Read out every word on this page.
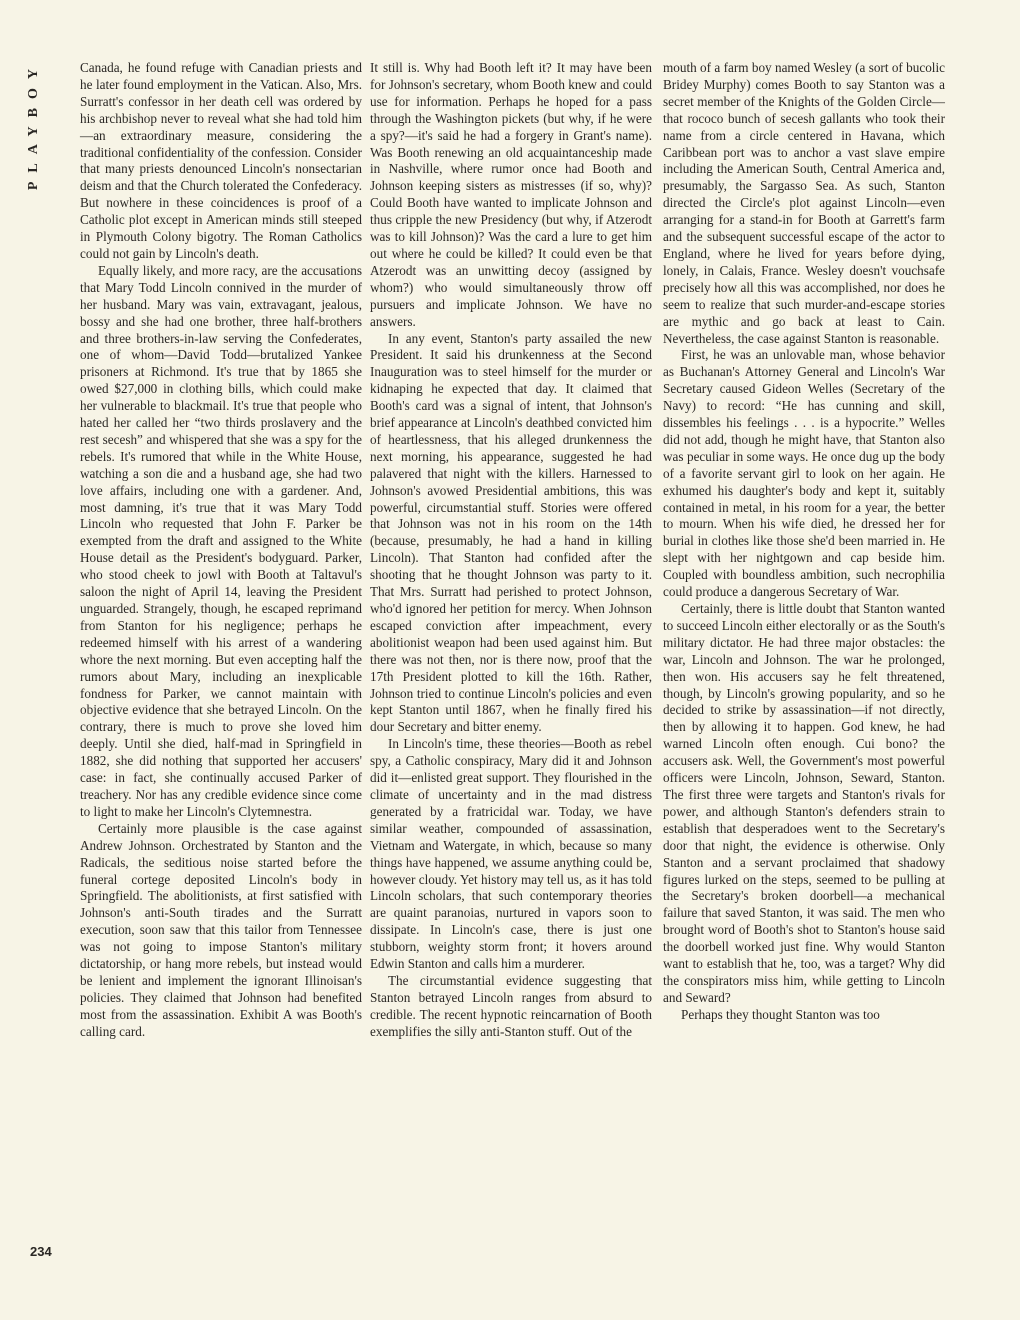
PLAYBOY
234

Canada, he found refuge with Canadian priests and he later found employment in the Vatican. Also, Mrs. Surratt's confessor in her death cell was ordered by his archbishop never to reveal what she had told him—an extraordinary measure, considering the traditional confidentiality of the confession. Consider that many priests denounced Lincoln's nonsectarian deism and that the Church tolerated the Confederacy. But nowhere in these coincidences is proof of a Catholic plot except in American minds still steeped in Plymouth Colony bigotry. The Roman Catholics could not gain by Lincoln's death.

Equally likely, and more racy, are the accusations that Mary Todd Lincoln connived in the murder of her husband. Mary was vain, extravagant, jealous, bossy and she had one brother, three half-brothers and three brothers-in-law serving the Confederates, one of whom—David Todd—brutalized Yankee prisoners at Richmond. It's true that by 1865 she owed $27,000 in clothing bills, which could make her vulnerable to blackmail. It's true that people who hated her called her “two thirds proslavery and the rest secesh” and whispered that she was a spy for the rebels. It's rumored that while in the White House, watching a son die and a husband age, she had two love affairs, including one with a gardener. And, most damning, it's true that it was Mary Todd Lincoln who requested that John F. Parker be exempted from the draft and assigned to the White House detail as the President's bodyguard. Parker, who stood cheek to jowl with Booth at Taltavul's saloon the night of April 14, leaving the President unguarded. Strangely, though, he escaped reprimand from Stanton for his negligence; perhaps he redeemed himself with his arrest of a wandering whore the next morning. But even accepting half the rumors about Mary, including an inexplicable fondness for Parker, we cannot maintain with objective evidence that she betrayed Lincoln. On the contrary, there is much to prove she loved him deeply. Until she died, half-mad in Springfield in 1882, she did nothing that supported her accusers' case: in fact, she continually accused Parker of treachery. Nor has any credible evidence since come to light to make her Lincoln's Clytemnestra.

Certainly more plausible is the case against Andrew Johnson. Orchestrated by Stanton and the Radicals, the seditious noise started before the funeral cortege deposited Lincoln's body in Springfield. The abolitionists, at first satisfied with Johnson's anti-South tirades and the Surratt execution, soon saw that this tailor from Tennessee was not going to impose Stanton's military dictatorship, or hang more rebels, but instead would be lenient and implement the ignorant Illinoisan's policies. They claimed that Johnson had benefited most from the assassination. Exhibit A was Booth's calling card.

It still is. Why had Booth left it? It may have been for Johnson's secretary, whom Booth knew and could use for information. Perhaps he hoped for a pass through the Washington pickets (but why, if he were a spy?—it's said he had a forgery in Grant's name). Was Booth renewing an old acquaintanceship made in Nashville, where rumor once had Booth and Johnson keeping sisters as mistresses (if so, why)? Could Booth have wanted to implicate Johnson and thus cripple the new Presidency (but why, if Atzerodt was to kill Johnson)? Was the card a lure to get him out where he could be killed? It could even be that Atzerodt was an unwitting decoy (assigned by whom?) who would simultaneously throw off pursuers and implicate Johnson. We have no answers.

In any event, Stanton's party assailed the new President. It said his drunkenness at the Second Inauguration was to steel himself for the murder or kidnaping he expected that day. It claimed that Booth's card was a signal of intent, that Johnson's brief appearance at Lincoln's deathbed convicted him of heartlessness, that his alleged drunkenness the next morning, his appearance, suggested he had palavered that night with the killers. Harnessed to Johnson's avowed Presidential ambitions, this was powerful, circumstantial stuff. Stories were offered that Johnson was not in his room on the 14th (because, presumably, he had a hand in killing Lincoln). That Stanton had confided after the shooting that he thought Johnson was party to it. That Mrs. Surratt had perished to protect Johnson, who'd ignored her petition for mercy. When Johnson escaped conviction after impeachment, every abolitionist weapon had been used against him. But there was not then, nor is there now, proof that the 17th President plotted to kill the 16th. Rather, Johnson tried to continue Lincoln's policies and even kept Stanton until 1867, when he finally fired his dour Secretary and bitter enemy.

In Lincoln's time, these theories—Booth as rebel spy, a Catholic conspiracy, Mary did it and Johnson did it—enlisted great support. They flourished in the climate of uncertainty and in the mad distress generated by a fratricidal war. Today, we have similar weather, compounded of assassination, Vietnam and Watergate, in which, because so many things have happened, we assume anything could be, however cloudy. Yet history may tell us, as it has told Lincoln scholars, that such contemporary theories are quaint paranoias, nurtured in vapors soon to dissipate. In Lincoln's case, there is just one stubborn, weighty storm front; it hovers around Edwin Stanton and calls him a murderer.

The circumstantial evidence suggesting that Stanton betrayed Lincoln ranges from absurd to credible. The recent hypnotic reincarnation of Booth exemplifies the silly anti-Stanton stuff. Out of the

mouth of a farm boy named Wesley (a sort of bucolic Bridey Murphy) comes Booth to say Stanton was a secret member of the Knights of the Golden Circle—that rococo bunch of secesh gallants who took their name from a circle centered in Havana, which Caribbean port was to anchor a vast slave empire including the American South, Central America and, presumably, the Sargasso Sea. As such, Stanton directed the Circle's plot against Lincoln—even arranging for a stand-in for Booth at Garrett's farm and the subsequent successful escape of the actor to England, where he lived for years before dying, lonely, in Calais, France. Wesley doesn't vouchsafe precisely how all this was accomplished, nor does he seem to realize that such murder-and-escape stories are mythic and go back at least to Cain. Nevertheless, the case against Stanton is reasonable.

First, he was an unlovable man, whose behavior as Buchanan's Attorney General and Lincoln's War Secretary caused Gideon Welles (Secretary of the Navy) to record: “He has cunning and skill, dissembles his feelings . . . is a hypocrite.” Welles did not add, though he might have, that Stanton also was peculiar in some ways. He once dug up the body of a favorite servant girl to look on her again. He exhumed his daughter's body and kept it, suitably contained in metal, in his room for a year, the better to mourn. When his wife died, he dressed her for burial in clothes like those she'd been married in. He slept with her nightgown and cap beside him. Coupled with boundless ambition, such necrophilia could produce a dangerous Secretary of War.

Certainly, there is little doubt that Stanton wanted to succeed Lincoln either electorally or as the South's military dictator. He had three major obstacles: the war, Lincoln and Johnson. The war he prolonged, then won. His accusers say he felt threatened, though, by Lincoln's growing popularity, and so he decided to strike by assassination—if not directly, then by allowing it to happen. God knew, he had warned Lincoln often enough. Cui bono? the accusers ask. Well, the Government's most powerful officers were Lincoln, Johnson, Seward, Stanton. The first three were targets and Stanton's rivals for power, and although Stanton's defenders strain to establish that desperadoes went to the Secretary's door that night, the evidence is otherwise. Only Stanton and a servant proclaimed that shadowy figures lurked on the steps, seemed to be pulling at the Secretary's broken doorbell—a mechanical failure that saved Stanton, it was said. The men who brought word of Booth's shot to Stanton's house said the doorbell worked just fine. Why would Stanton want to establish that he, too, was a target? Why did the conspirators miss him, while getting to Lincoln and Seward?

Perhaps they thought Stanton was too
